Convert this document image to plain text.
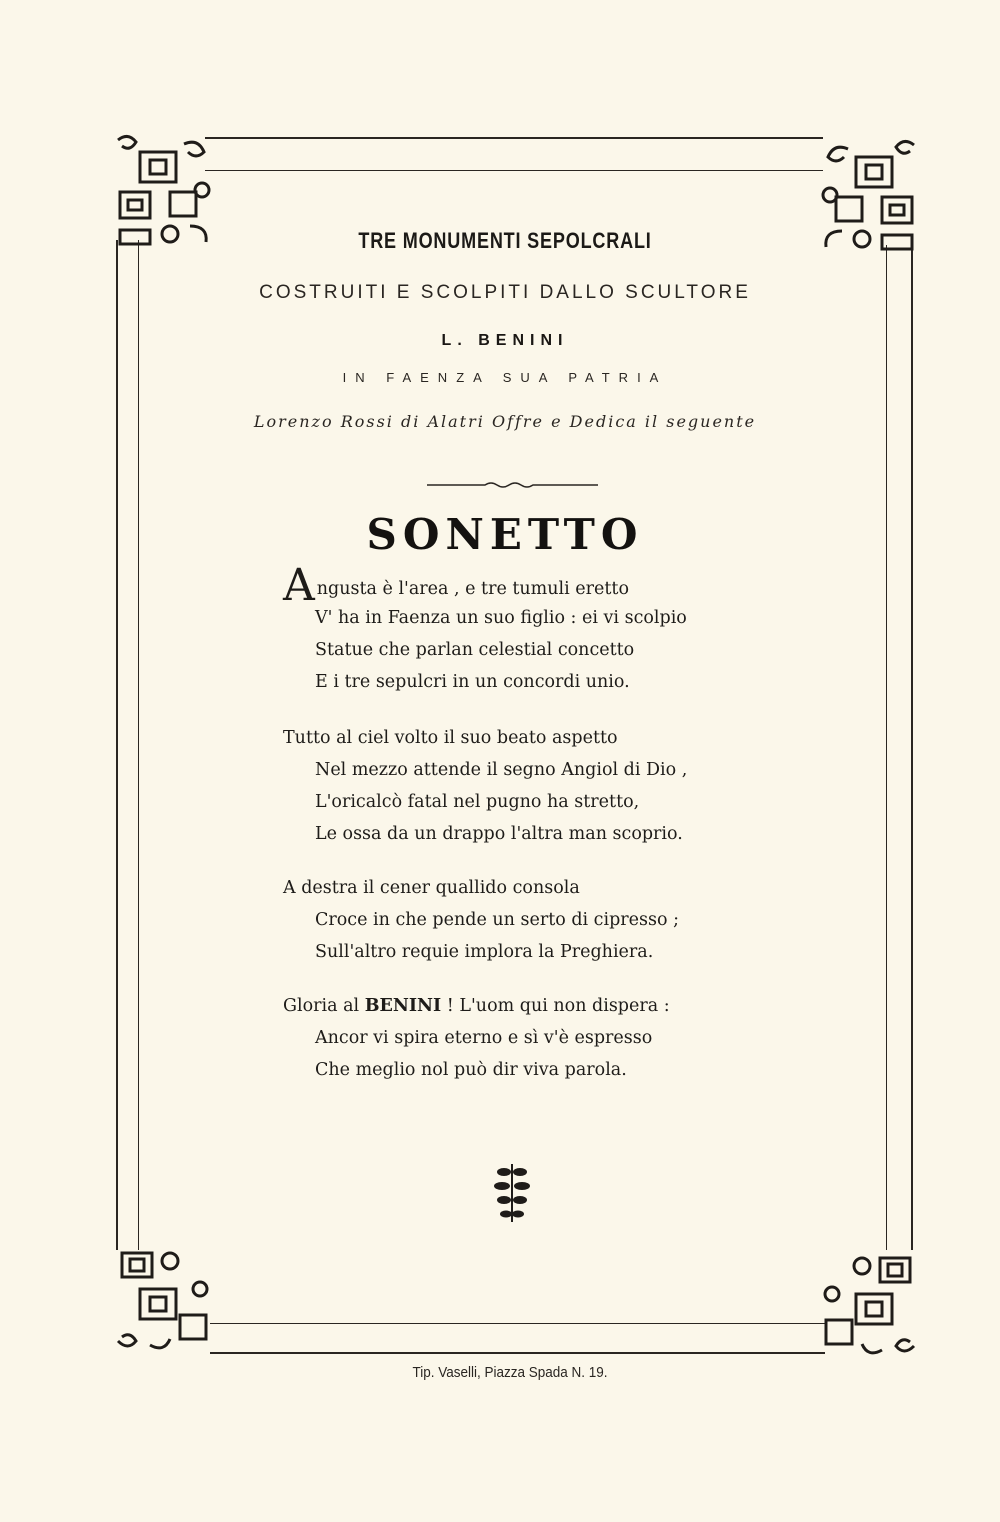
TRE MONUMENTI SEPOLCRALI
COSTRUITI E SCOLPITI DALLO SCULTORE
L. BENINI
IN FAENZA SUA PATRIA
Lorenzo Rossi di Alatri Offre e Dedica il seguente
SONETTO
Angusta è l'area , e tre tumuli eretto
V' ha in Faenza un suo figlio : ei vi scolpio
Statue che parlan celestial concetto
E i tre sepulcri in un concordi unio.
Tutto al ciel volto il suo beato aspetto
Nel mezzo attende il segno Angiol di Dio ,
L'oricalcò fatal nel pugno ha stretto,
Le ossa da un drappo l'altra man scoprio.
A destra il cener quallido consola
Croce in che pende un serto di cipresso ;
Sull'altro requie implora la Preghiera.
Gloria al BENINI ! L'uom qui non dispera :
Ancor vi spira eterno e sì v'è espresso
Che meglio nol può dir viva parola.
Tip. Vaselli, Piazza Spada N. 19.
